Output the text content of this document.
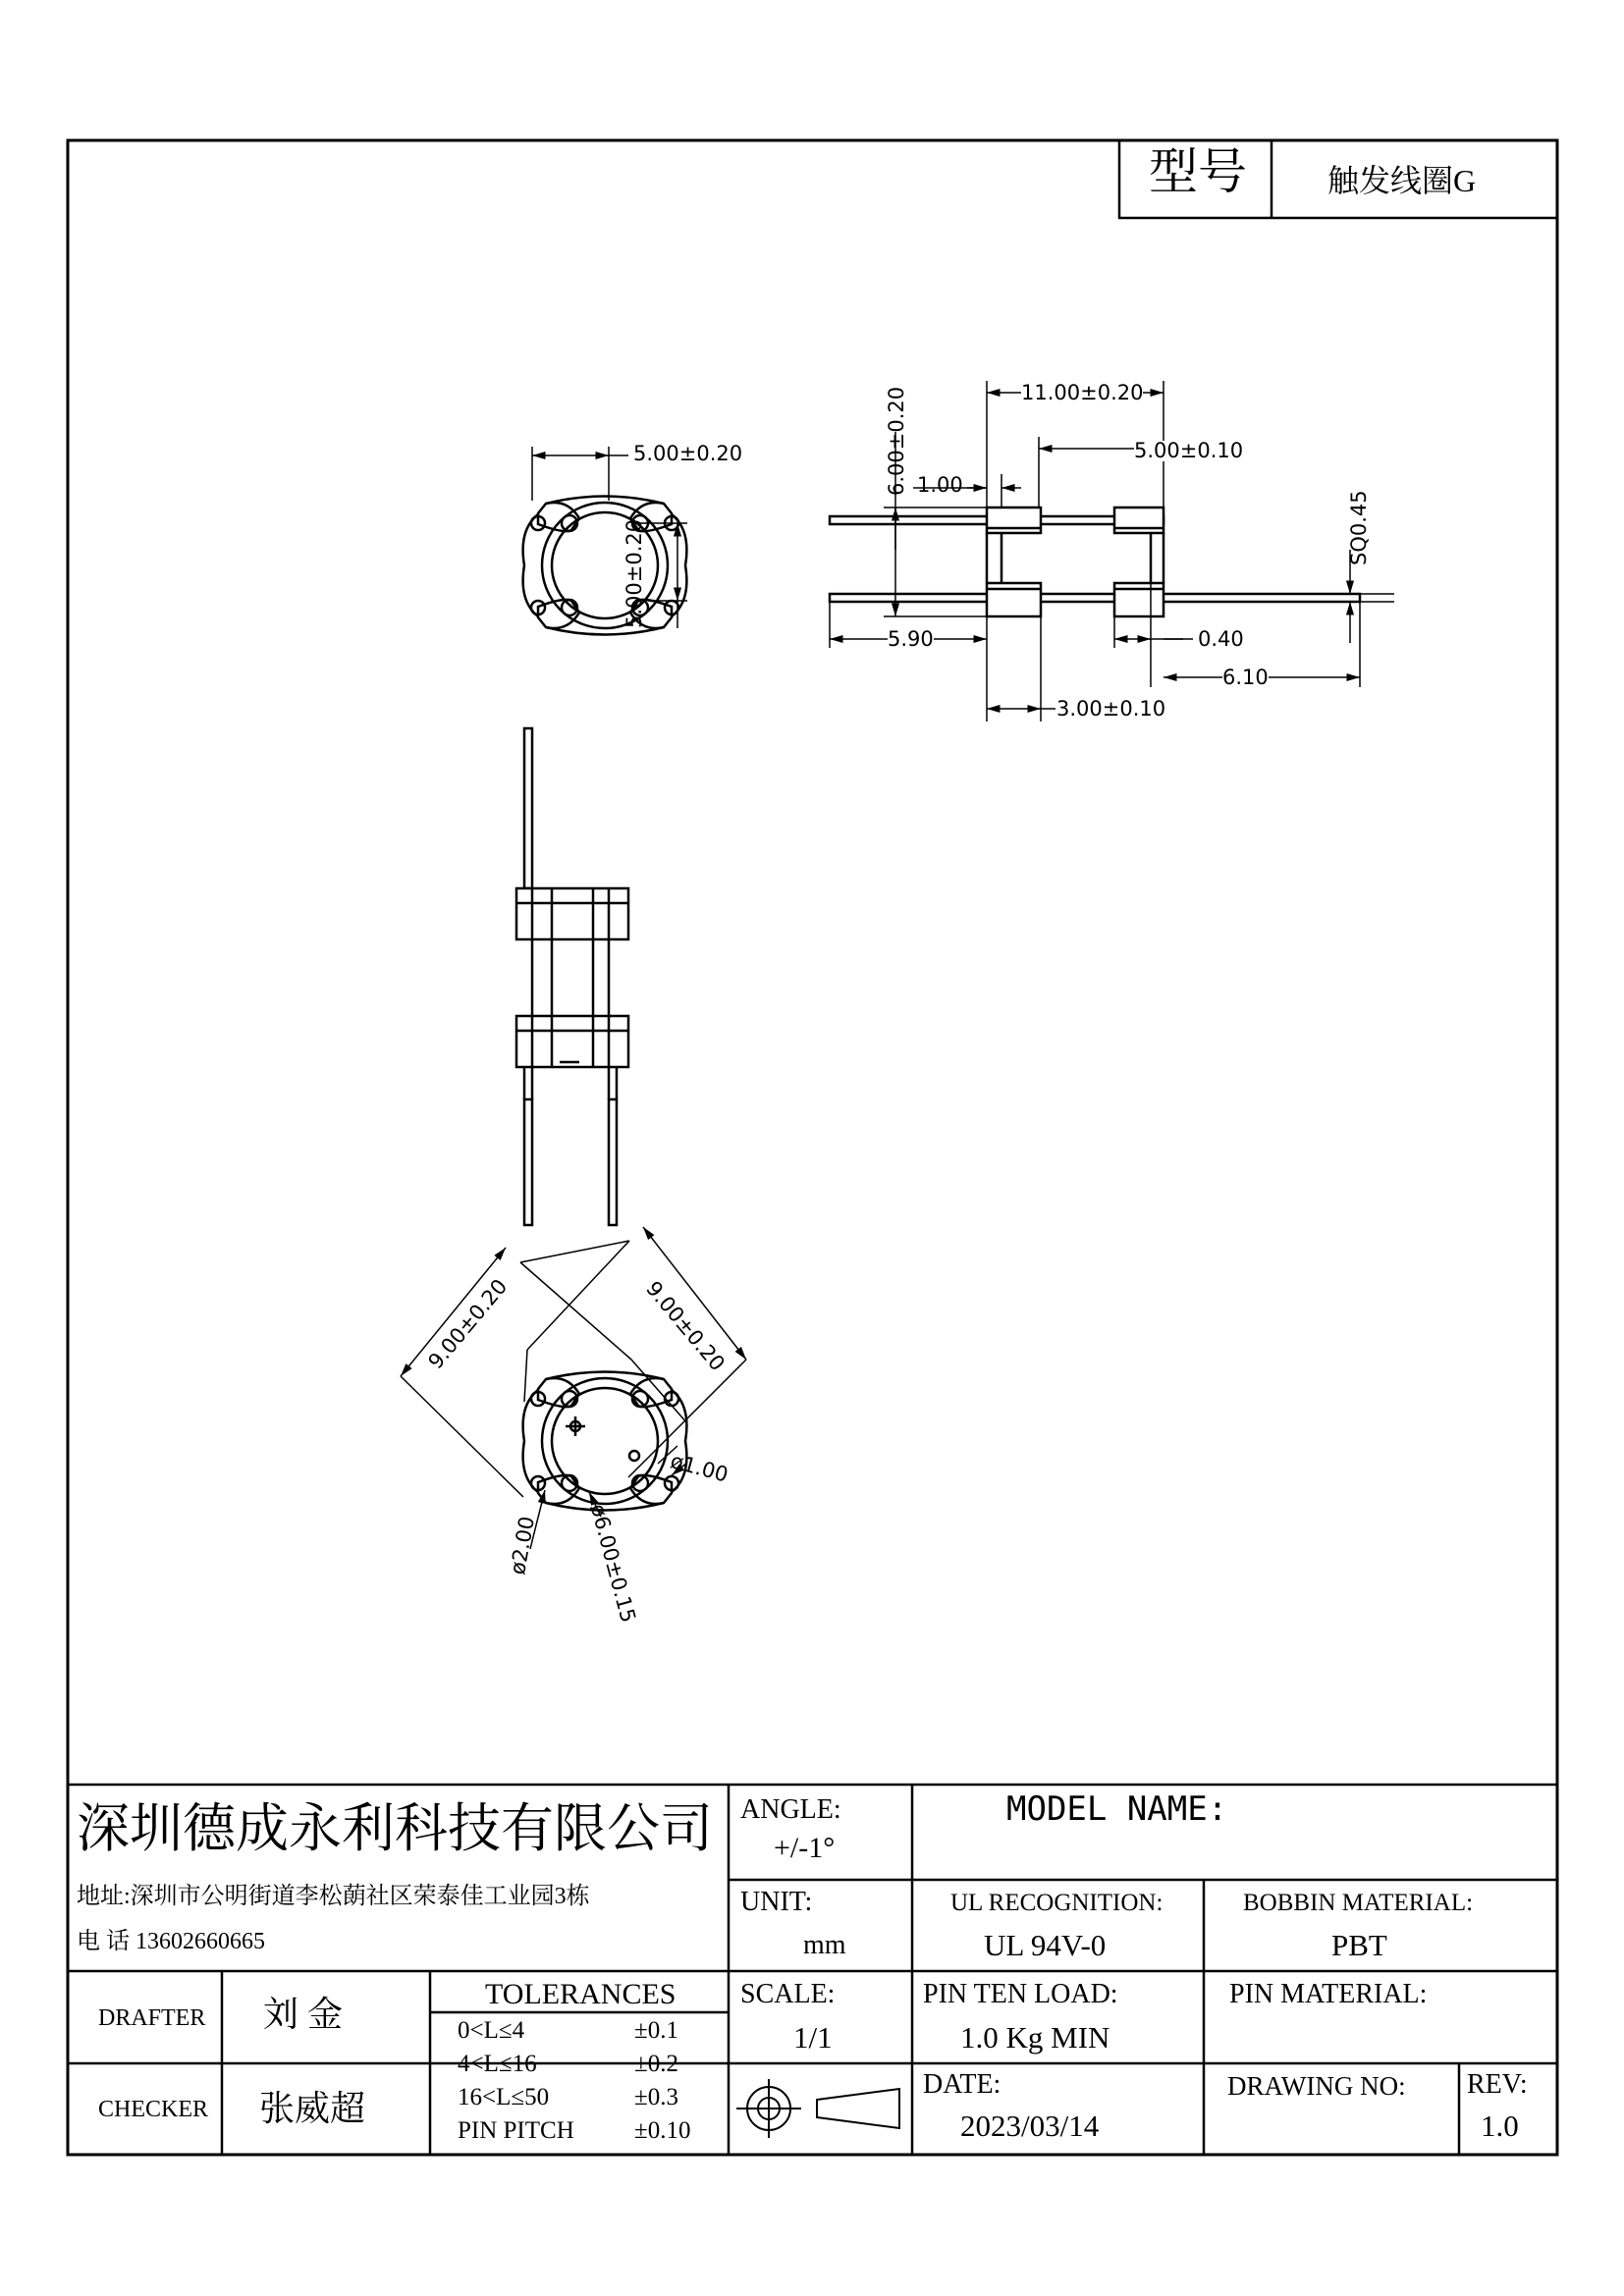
型号	触发线圈G
5.00±0.20
5.00±0.20
11.00±0.20
6.00±0.20 1.00
5.00±0.10
SQ0.45
5.90	0.40
6.10
3.00±0.10
9.00±0.20	9.00±0.20
ø1.00
ø2.00 ø6.00±0.15
深圳德成永利科技有限公司
地址:深圳市公明街道李松蓢社区荣泰佳工业园3栋
电 话 13602660665
ANGLE:
+/-1°
MODEL NAME:
UNIT:
mm
UL RECOGNITION:
UL 94V-0
BOBBIN MATERIAL:
PBT
DRAFTER 刘 金
CHECKER 张威超
TOLERANCES
0<L≤4	±0.1
4<L≤16	±0.2
16<L≤50	±0.3
PIN PITCH ±0.10
SCALE:
1/1
PIN TEN LOAD:
1.0 Kg MIN
PIN MATERIAL:
DATE:
2023/03/14
DRAWING NO: REV:
1.0
